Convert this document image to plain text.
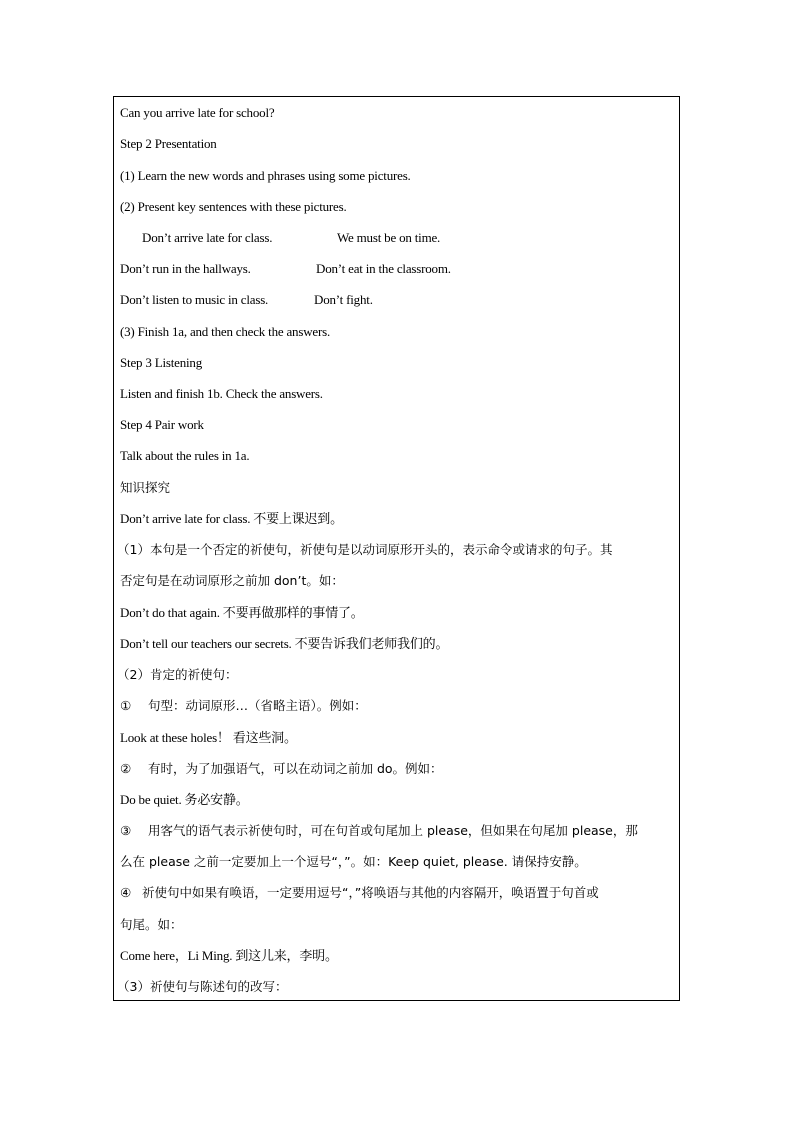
Can you arrive late for school?
Step 2 Presentation
(1) Learn the new words and phrases using some pictures.
(2) Present key sentences with these pictures.
Don’t arrive late for class.	We must be on time.
Don’t run in the hallways.	Don’t eat in the classroom.
Don’t listen to music in class.	Don’t fight.
(3) Finish 1a, and then check the answers.
Step 3 Listening
Listen and finish 1b. Check the answers.
Step 4 Pair work
Talk about the rules in 1a.
知识探究
Don’t arrive late for class. 不要上课迟到。
（1）本句是一个否定的祈使句，祈使句是以动词原形开头的，表示命令或请求的句子。其
否定句是在动词原形之前加 don’t。如：
Don’t do that again. 不要再做那样的事情了。
Don’t tell our teachers our secrets. 不要告诉我们老师我们的。
（2）肯定的祈使句：
① 句型：动词原形…（省略主语）。例如：
Look at these holes！ 看这些洞。
② 有时，为了加强语气，可以在动词之前加 do。例如：
Do be quiet. 务必安静。
③ 用客气的语气表示祈使句时，可在句首或句尾加上 please，但如果在句尾加 please，那
么在 please 之前一定要加上一个逗号“，”。如：Keep quiet, please. 请保持安静。
④ 祈使句中如果有唤语，一定要用逗号“，”将唤语与其他的内容隔开，唤语置于句首或
句尾。如：
Come here，Li Ming. 到这儿来，李明。
（3）祈使句与陈述句的改写：
